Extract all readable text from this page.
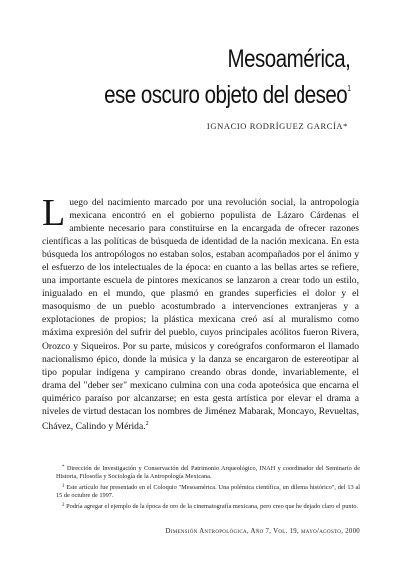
Mesoamérica,
ese oscuro objeto del deseo$^1$
IGNACIO RODRÍGUEZ GARCÍA*
Luego del nacimiento marcado por una revolución social, la antropología mexicana encontró en el gobierno populista de Lázaro Cárdenas el ambiente necesario para constituirse en la encargada de ofrecer razones científicas a las políticas de búsqueda de identidad de la nación mexicana. En esta búsqueda los antropólogos no estaban solos, estaban acompañados por el ánimo y el esfuerzo de los intelectuales de la época: en cuanto a las bellas artes se refiere, una importante escuela de pintores mexicanos se lanzaron a crear todo un estilo, inigualado en el mundo, que plasmó en grandes superficies el dolor y el masoquismo de un pueblo acostumbrado a intervenciones extranjeras y a explotaciones de propios; la plástica mexicana creó así al muralismo como máxima expresión del sufrir del pueblo, cuyos principales acólitos fueron Rivera, Orozco y Siqueiros. Por su parte, músicos y coreógrafos conformaron el llamado nacionalismo épico, donde la música y la danza se encargaron de estereotipar al tipo popular indígena y campirano creando obras donde, invariablemente, el drama del "deber ser" mexicano culmina con una coda apoteósica que encarna el quimérico paraíso por alcanzarse; en esta gesta artística por elevar el drama a niveles de virtud destacan los nombres de Jiménez Mabarak, Moncayo, Revueltas, Chávez, Calindo y Mérida.$^2$

* Dirección de Investigación y Conservación del Patrimonio Arqueológico, INAH y coordinador del Seminario de Historia, Filosofía y Sociología de la Antropología Mexicana.

$^1$ Este artículo fue presentado en el Coloquio "Mesoamérica. Una polémica científica, un dilema histórico", del 13 al 15 de octubre de 1997.

$^2$ Podría agregar el ejemplo de la época de oro de la cinematografía mexicana, pero creo que he dejado claro el punto.

Dimensión Antropológica, Año 7, Vol. 19, mayo/agosto, 2000
